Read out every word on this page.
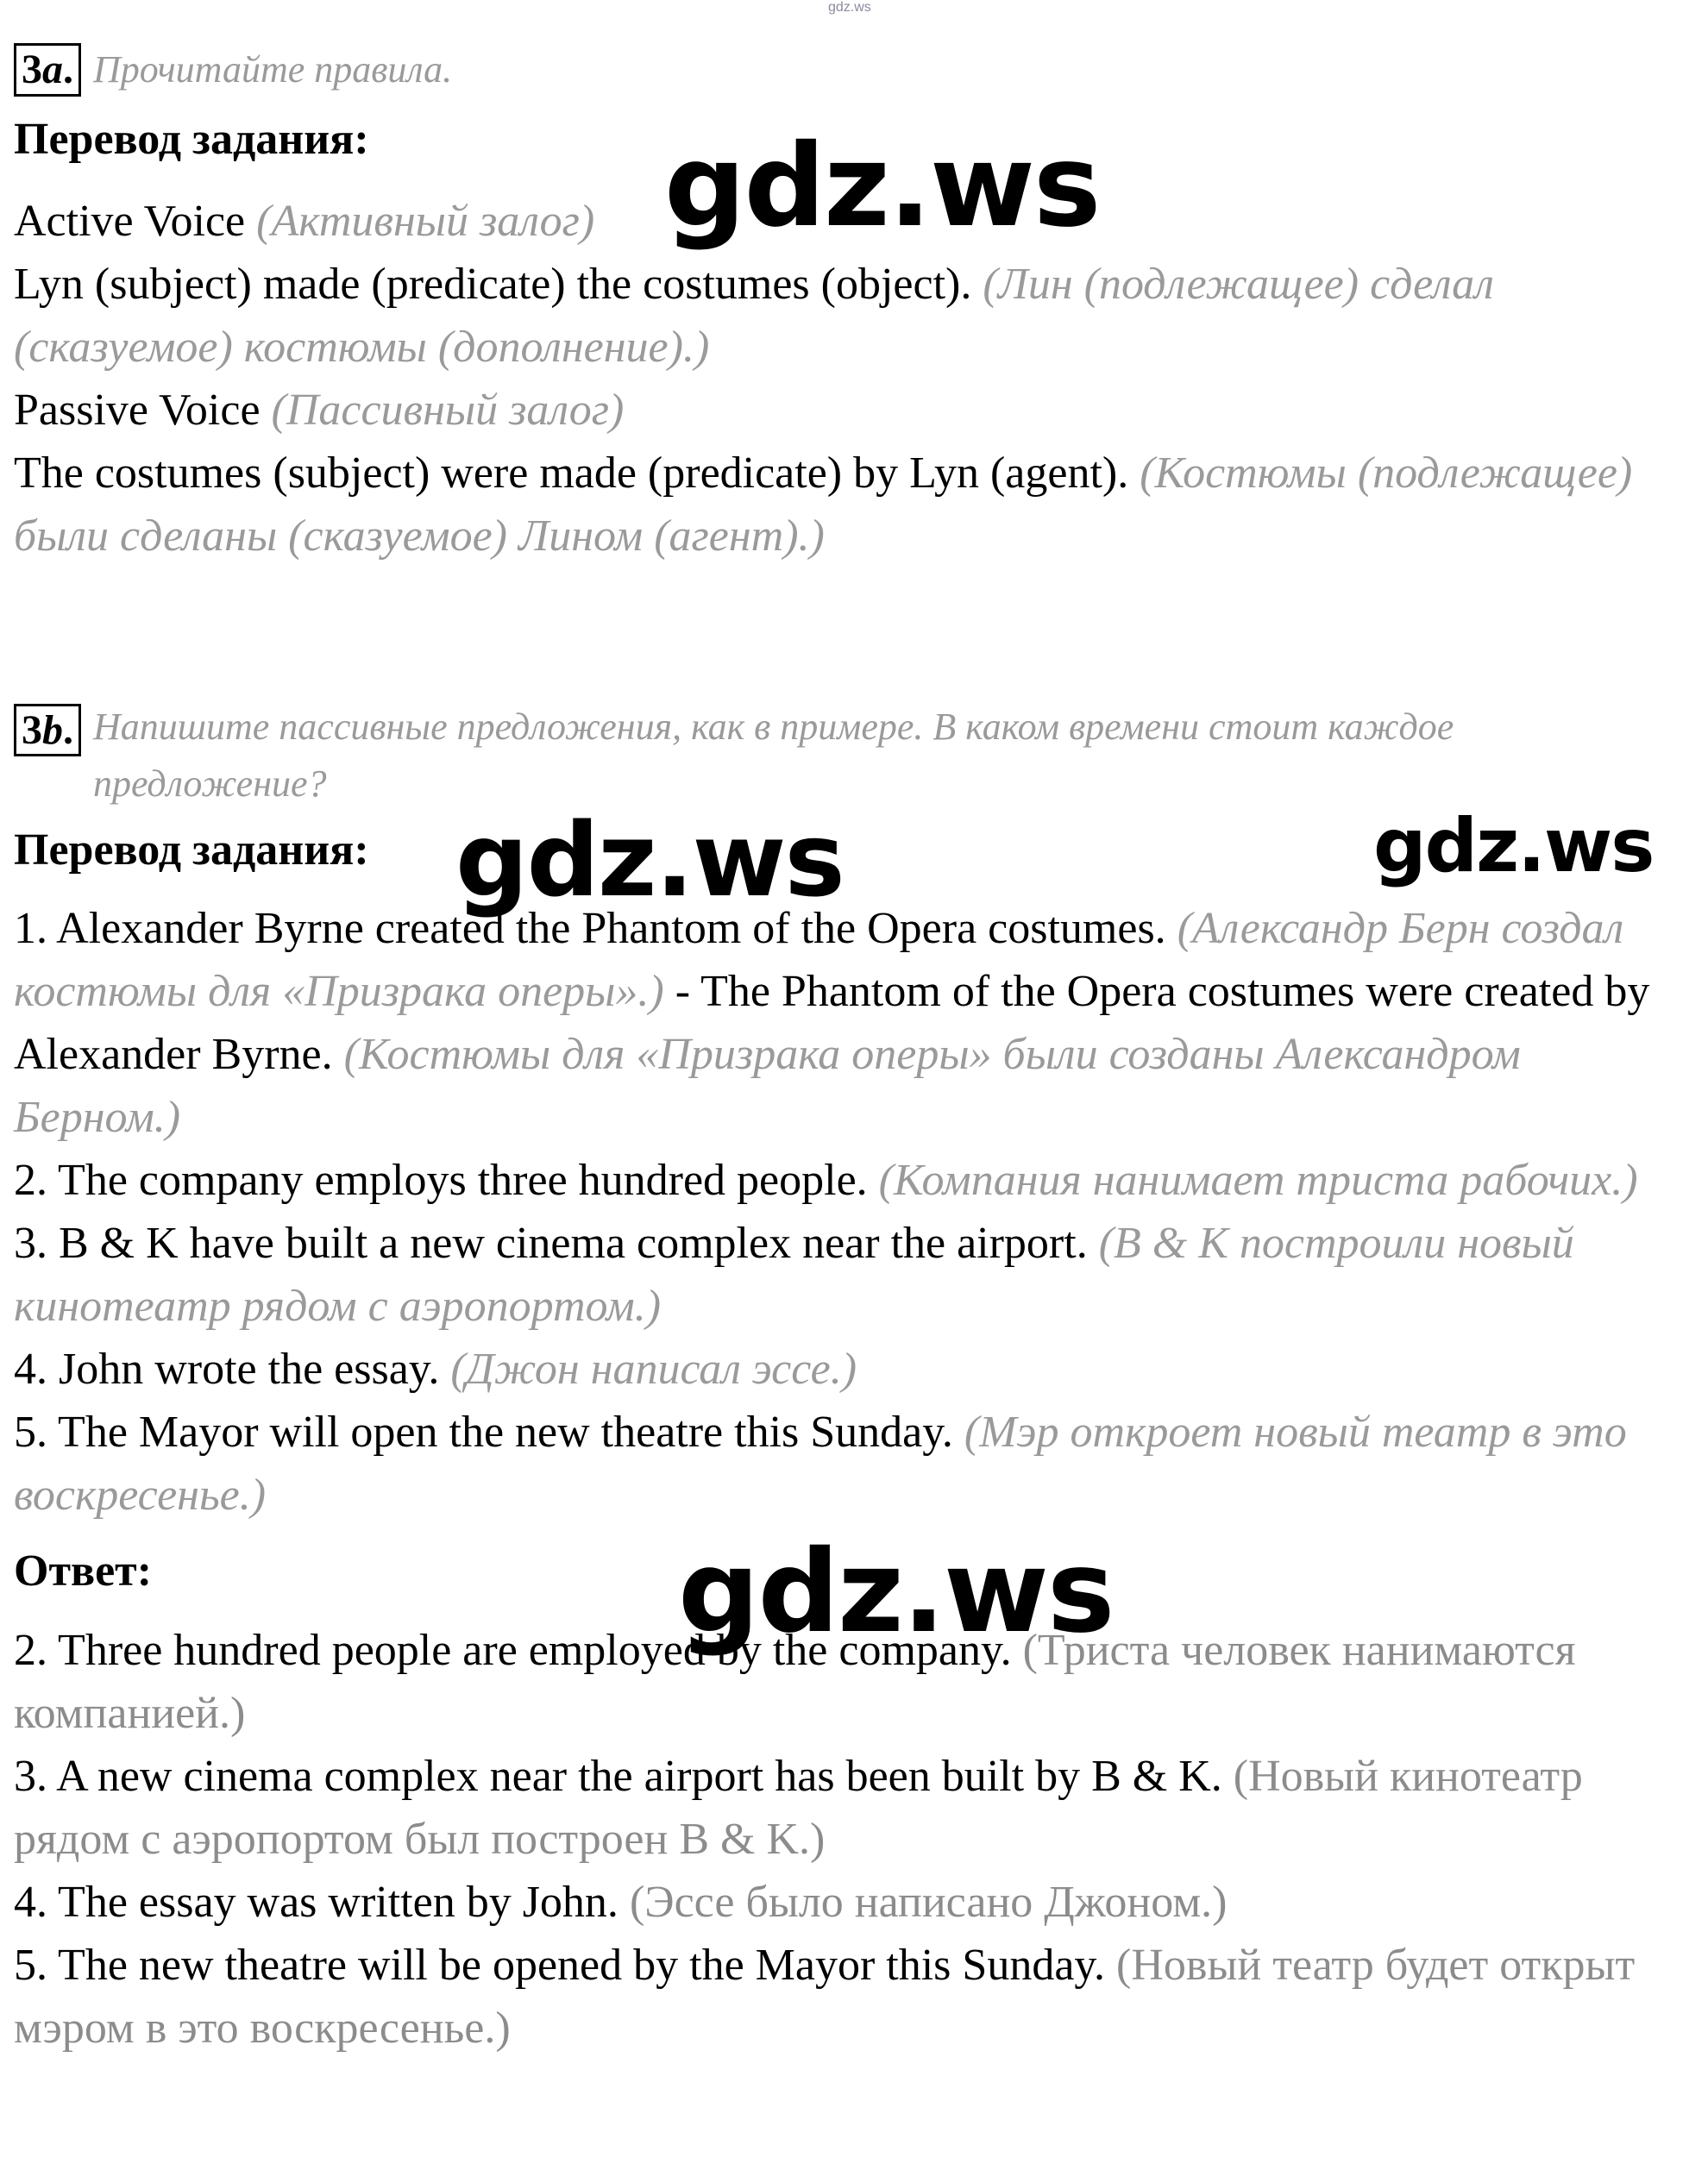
gdz.ws
3a. Прочитайте правила.
Перевод задания:

Active Voice (Активный залог)

Lyn (subject) made (predicate) the costumes (object). (Лин (подлежащее) сделал (сказуемое) костюмы (дополнение).)

Passive Voice (Пассивный залог)

The costumes (subject) were made (predicate) by Lyn (agent). (Костюмы (подлежащее) были сделаны (сказуемое) Лином (агент).)

3b. Напишите пассивные предложения, как в примере. В каком времени стоит каждое предложение?
Перевод задания:

1. Alexander Byrne created the Phantom of the Opera costumes. (Александр Берн создал костюмы для «Призрака оперы».) - The Phantom of the Opera costumes were created by Alexander Byrne. (Костюмы для «Призрака оперы» были созданы Александром Берном.)

2. The company employs three hundred people. (Компания нанимает триста рабочих.)

3. B & K have built a new cinema complex near the airport. (B & K построили новый кинотеатр рядом с аэропортом.)

4. John wrote the essay. (Джон написал эссе.)

5. The Mayor will open the new theatre this Sunday. (Мэр откроет новый театр в это воскресенье.)

Ответ:

2. Three hundred people are employed by the company. (Триста человек нанимаются компанией.)

3. A new cinema complex near the airport has been built by B & K. (Новый кинотеатр рядом с аэропортом был построен B & K.)

4. The essay was written by John. (Эссе было написано Джоном.)

5. The new theatre will be opened by the Mayor this Sunday. (Новый театр будет открыт мэром в это воскресенье.)

gdz.ws
gdz.ws	gdz.ws
gdz.ws
